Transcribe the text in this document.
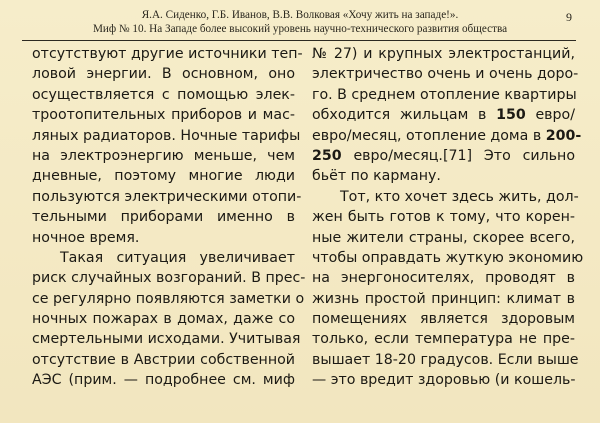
Я.А. Сиденко, Г.Б. Иванов, В.В. Волковая «Хочу жить на западе!».
Миф № 10. На Западе более высокий уровень научно-технического развития общества
9
отсутствуют другие источники теп-
ловой энергии. В основном, оно
осуществляется с помощью элек-
троотопительных приборов и мас-
ляных радиаторов. Ночные тарифы
на электроэнергию меньше, чем
дневные, поэтому многие люди
пользуются электрическими отопи-
тельными приборами именно в
ночное время.
Такая ситуация увеличивает
риск случайных возгораний. В прес-
се регулярно появляются заметки о
ночных пожарах в домах, даже со
смертельными исходами. Учитывая
отсутствие в Австрии собственной
АЭС (прим. — подробнее см. миф
№ 27) и крупных электростанций,
электричество очень и очень доро-
го. В среднем отопление квартиры
обходится жильцам в 150 евро/
евро/месяц, отопление дома в 200-
250 евро/месяц.[71] Это сильно
бьёт по карману.
Тот, кто хочет здесь жить, дол-
жен быть готов к тому, что корен-
ные жители страны, скорее всего,
чтобы оправдать жуткую экономию
на энергоносителях, проводят в
жизнь простой принцип: климат в
помещениях является здоровым
только, если температура не пре-
вышает 18-20 градусов. Если выше
— это вредит здоровью (и кошель-
